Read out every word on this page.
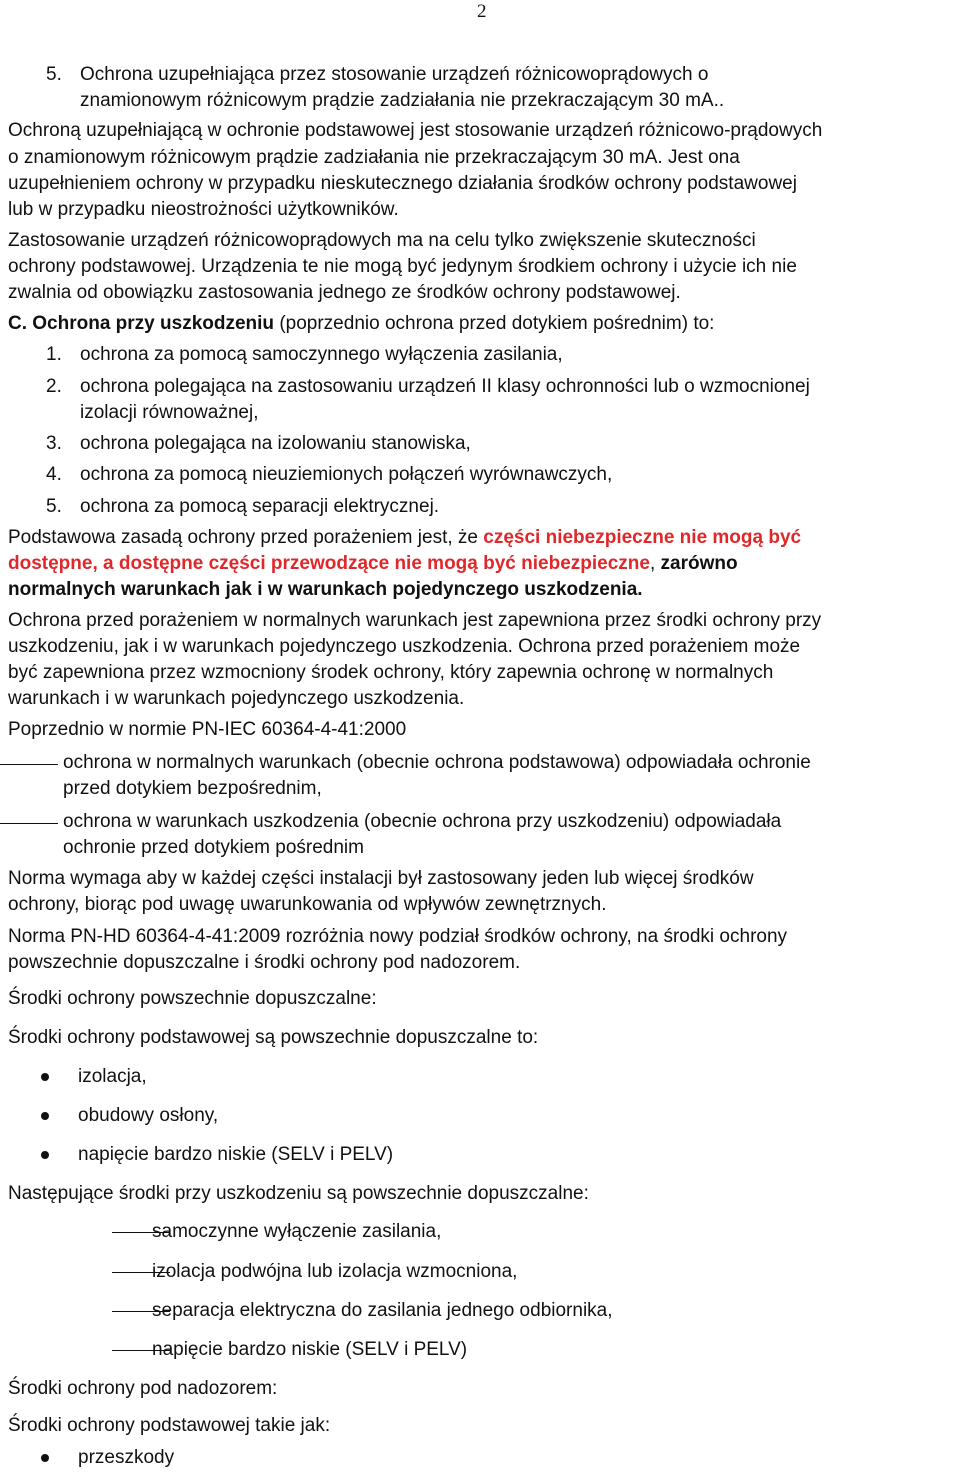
2
5. Ochrona uzupełniająca przez stosowanie urządzeń różnicowoprądowych o
znamionowym różnicowym prądzie zadziałania nie przekraczającym 30 mA..
Ochroną uzupełniającą w ochronie podstawowej jest stosowanie urządzeń różnicowo-prądowych
o znamionowym różnicowym prądzie zadziałania nie przekraczającym 30 mA. Jest ona
uzupełnieniem ochrony w przypadku nieskutecznego działania środków ochrony podstawowej
lub w przypadku nieostrożności użytkowników.
Zastosowanie urządzeń różnicowoprądowych ma na celu tylko zwiększenie skuteczności
ochrony podstawowej. Urządzenia te nie mogą być jedynym środkiem ochrony i użycie ich nie
zwalnia od obowiązku zastosowania jednego ze środków ochrony podstawowej.
C. Ochrona przy uszkodzeniu (poprzednio ochrona przed dotykiem pośrednim) to:
1. ochrona za pomocą samoczynnego wyłączenia zasilania,
2. ochrona polegająca na zastosowaniu urządzeń II klasy ochronności lub o wzmocnionej
izolacji równoważnej,
3. ochrona polegająca na izolowaniu stanowiska,
4. ochrona za pomocą nieuziemionych połączeń wyrównawczych,
5. ochrona za pomocą separacji elektrycznej.
Podstawowa zasadą ochrony przed porażeniem jest, że części niebezpieczne nie mogą być
dostępne, a dostępne części przewodzące nie mogą być niebezpieczne, zarówno
normalnych warunkach jak i w warunkach pojedynczego uszkodzenia.
Ochrona przed porażeniem w normalnych warunkach jest zapewniona przez środki ochrony przy
uszkodzeniu, jak i w warunkach pojedynczego uszkodzenia. Ochrona przed porażeniem może
być zapewniona przez wzmocniony środek ochrony, który zapewnia ochronę w normalnych
warunkach i w warunkach pojedynczego uszkodzenia.
Poprzednio w normie PN-IEC 60364-4-41:2000
ochrona w normalnych warunkach (obecnie ochrona podstawowa) odpowiadała ochronie
przed dotykiem bezpośrednim,
ochrona w warunkach uszkodzenia (obecnie ochrona przy uszkodzeniu) odpowiadała
ochronie przed dotykiem pośrednim
Norma wymaga aby w każdej części instalacji był zastosowany jeden lub więcej środków
ochrony, biorąc pod uwagę uwarunkowania od wpływów zewnętrznych.
Norma PN-HD 60364-4-41:2009 rozróżnia nowy podział środków ochrony, na środki ochrony
powszechnie dopuszczalne i środki ochrony pod nadozorem.
Środki ochrony powszechnie dopuszczalne:
Środki ochrony podstawowej są powszechnie dopuszczalne to:
izolacja,
obudowy osłony,
napięcie bardzo niskie (SELV i PELV)
Następujące środki przy uszkodzeniu są powszechnie dopuszczalne:
samoczynne wyłączenie zasilania,
izolacja podwójna lub izolacja wzmocniona,
separacja elektryczna do zasilania jednego odbiornika,
napięcie bardzo niskie (SELV i PELV)
Środki ochrony pod nadozorem:
Środki ochrony podstawowej takie jak:
przeszkody
